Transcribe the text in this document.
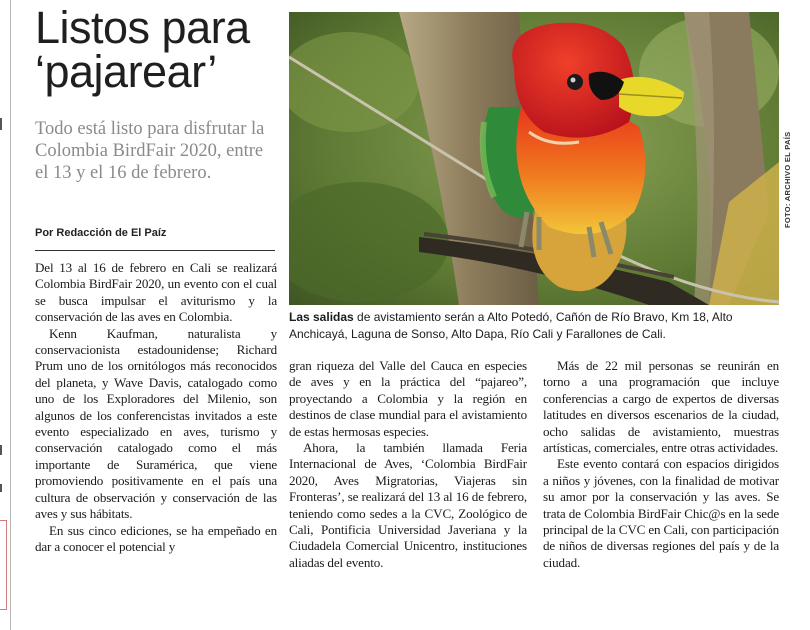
Listos para
‘pajarear’
Todo está listo para disfrutar la Colombia BirdFair 2020, entre el 13 y el 16 de febrero.
Por Redacción de El Paíz
FOTO: ARCHIVO EL PAÍS
Las salidas de avistamiento serán a Alto Potedó, Cañón de Río Bravo, Km 18, Alto Anchicayá, Laguna de Sonso, Alto Dapa, Río Cali y Farallones de Cali.

Del 13 al 16 de febrero en Cali se realizará Colombia BirdFair 2020, un evento con el cual se busca impulsar el aviturismo y la conservación de las aves en Colombia.

Kenn Kaufman, naturalista y conservacionista estadounidense; Richard Prum uno de los ornitólogos más reconocidos del planeta, y Wave Davis, catalogado como uno de los Exploradores del Milenio, son algunos de los conferencistas invitados a este evento especializado en aves, turismo y conservación catalogado como el más importante de Suramérica, que viene promoviendo positivamente en el país una cultura de observación y conservación de las aves y sus hábitats.

En sus cinco ediciones, se ha empeñado en dar a conocer el potencial y

gran riqueza del Valle del Cauca en especies de aves y en la práctica del “pajareo”, proyectando a Colombia y la región en destinos de clase mundial para el avistamiento de estas hermosas especies.

Ahora, la también llamada Feria Internacional de Aves, ‘Colombia BirdFair 2020, Aves Migratorias, Viajeras sin Fronteras’, se realizará del 13 al 16 de febrero, teniendo como sedes a la CVC, Zoológico de Cali, Pontificia Universidad Javeriana y la Ciudadela Comercial Unicentro, instituciones aliadas del evento.

Más de 22 mil personas se reunirán en torno a una programación que incluye conferencias a cargo de expertos de diversas latitudes en diversos escenarios de la ciudad, ocho salidas de avistamiento, muestras artísticas, comerciales, entre otras actividades.

Este evento contará con espacios dirigidos a niños y jóvenes, con la finalidad de motivar su amor por la conservación y las aves. Se trata de Colombia BirdFair Chic@s en la sede principal de la CVC en Cali, con participación de niños de diversas regiones del país y de la ciudad.
